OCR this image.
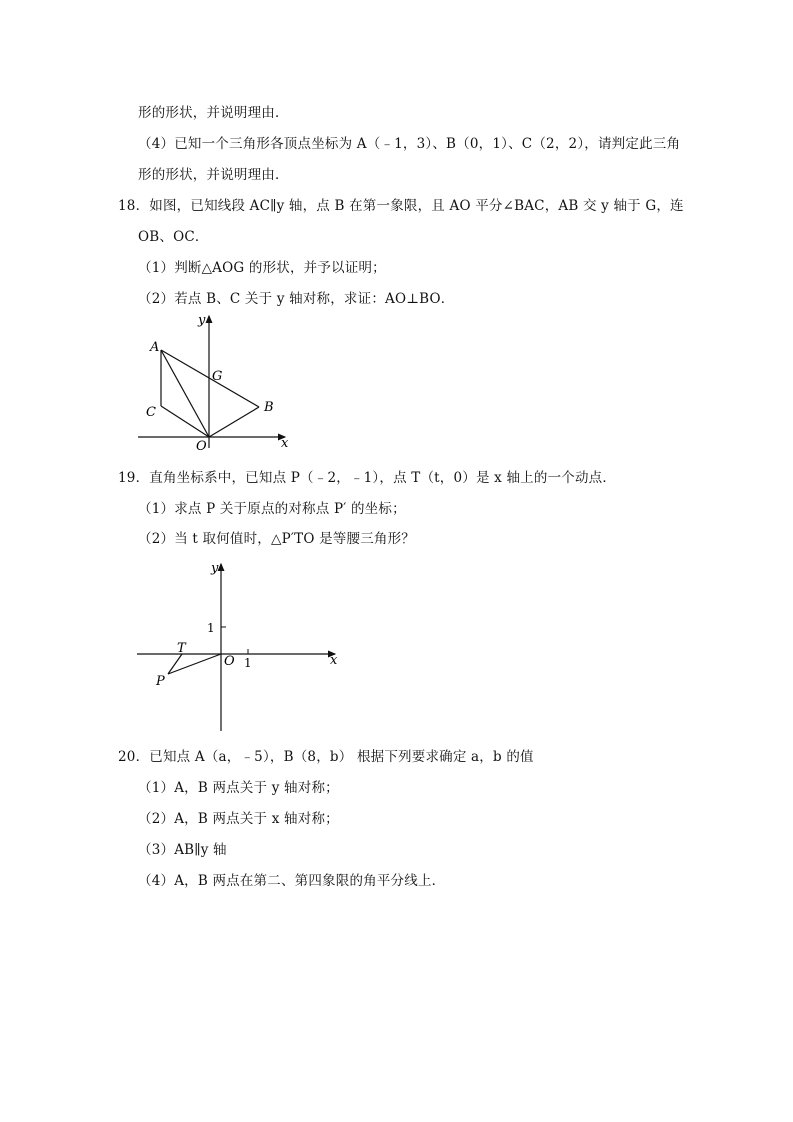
形的形状，并说明理由．
（4）已知一个三角形各顶点坐标为 A（﹣1，3）、B（0，1）、C（2，2），请判定此三角
形的形状，并说明理由．
18．如图，已知线段 AC∥y 轴，点 B 在第一象限，且 AO 平分∠BAC，AB 交 y 轴于 G，连
OB、OC．
（1）判断△AOG 的形状，并予以证明；
（2）若点 B、C 关于 y 轴对称，求证：AO⊥BO．
y
x
A
G
B
C
O
19．直角坐标系中，已知点 P（﹣2，﹣1），点 T（t，0）是 x 轴上的一个动点．
（1）求点 P 关于原点的对称点 P′ 的坐标；
（2）当 t 取何值时，△P′TO 是等腰三角形？
y
x
1
1
O
T
P
20．已知点 A（a，﹣5），B（8，b） 根据下列要求确定 a，b 的值
（1）A，B 两点关于 y 轴对称；
（2）A，B 两点关于 x 轴对称；
（3）AB∥y 轴
（4）A，B 两点在第二、第四象限的角平分线上．
